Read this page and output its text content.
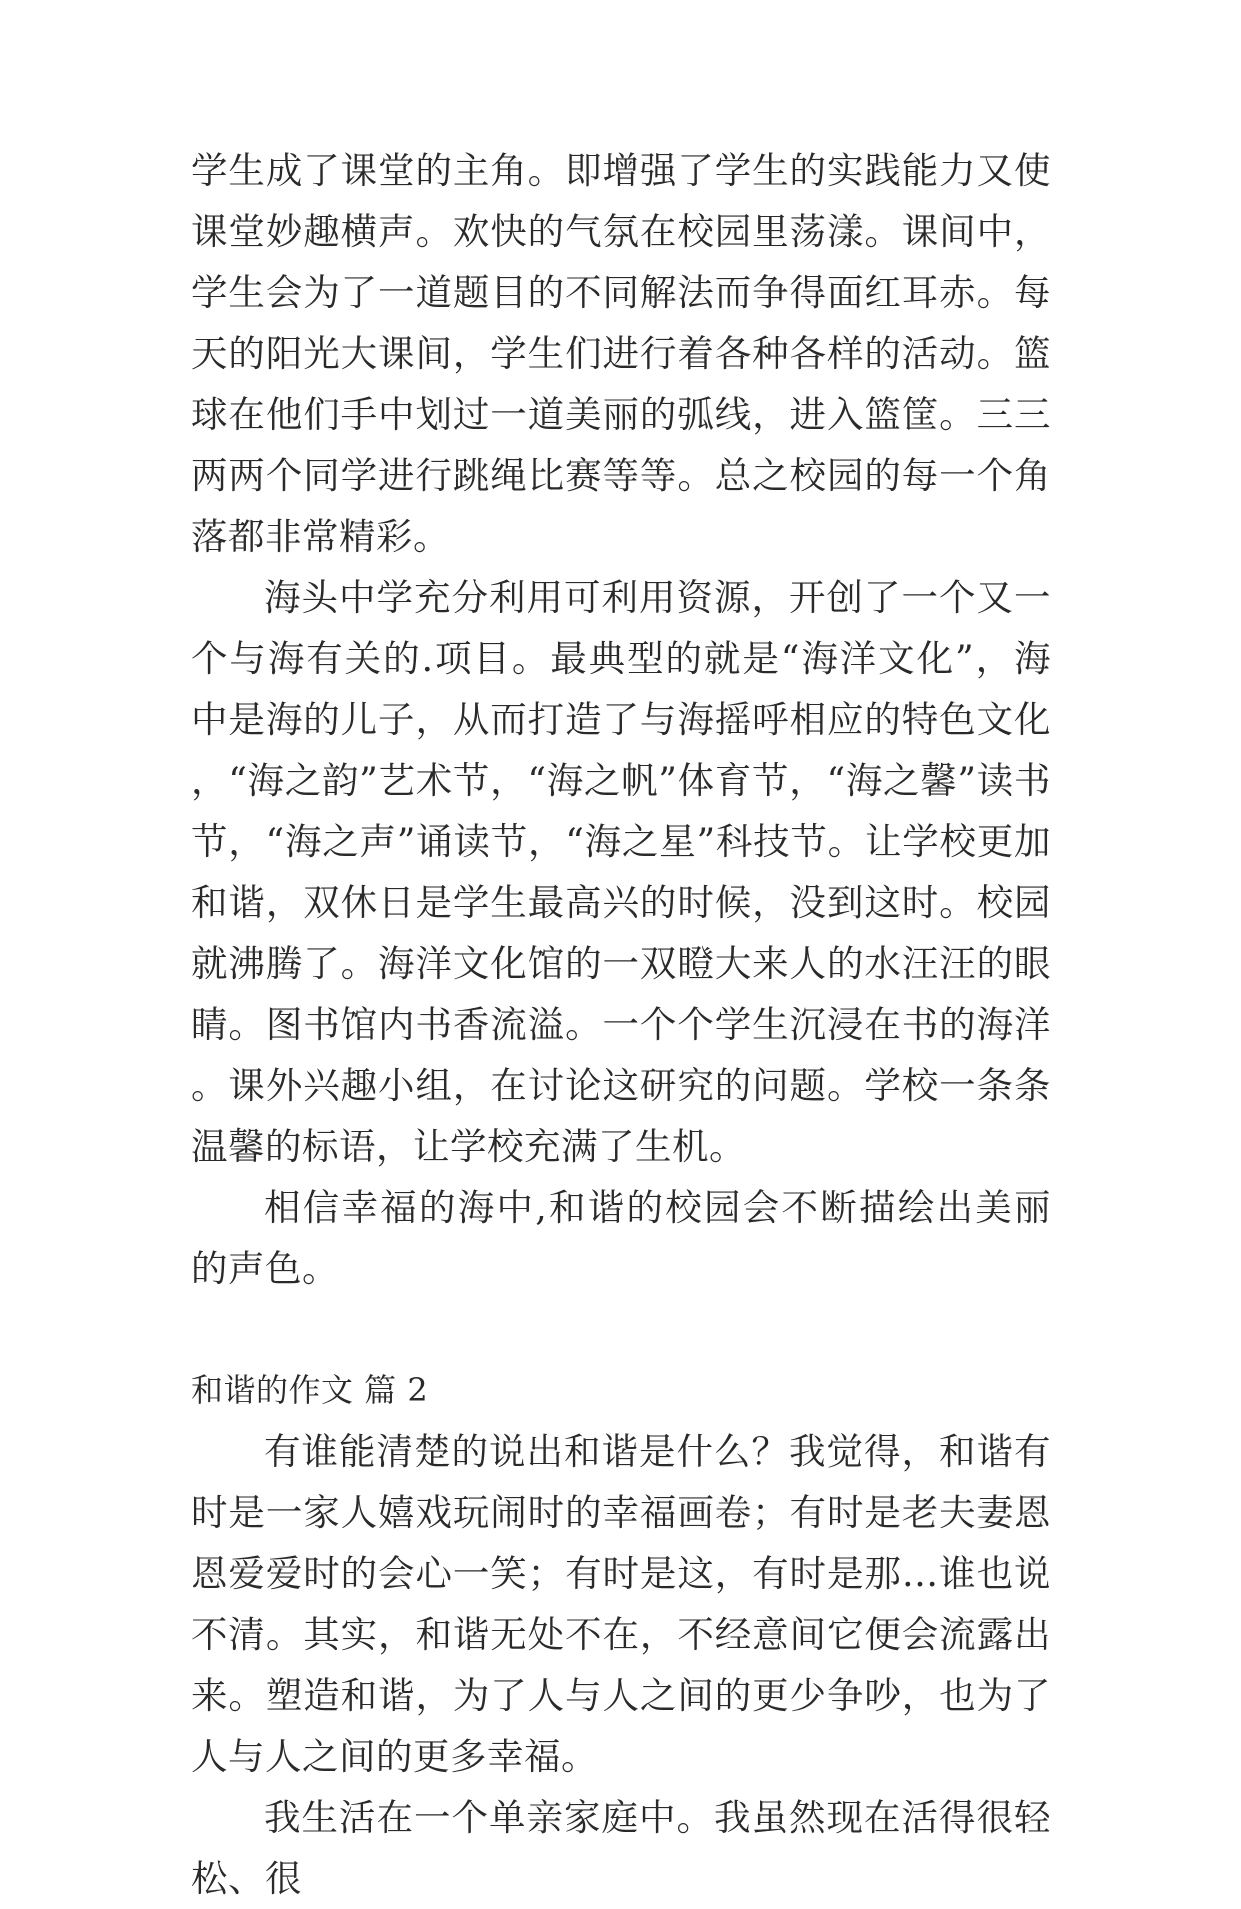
学生成了课堂的主角。即增强了学生的实践能力又使课堂妙趣横声。欢快的气氛在校园里荡漾。课间中，学生会为了一道题目的不同解法而争得面红耳赤。每天的阳光大课间，学生们进行着各种各样的活动。篮球在他们手中划过一道美丽的弧线，进入篮筐。三三两两个同学进行跳绳比赛等等。总之校园的每一个角落都非常精彩。

海头中学充分利用可利用资源，开创了一个又一个与海有关的.项目。最典型的就是“海洋文化”，海中是海的儿子，从而打造了与海摇呼相应的特色文化，“海之韵”艺术节，“海之帆”体育节，“海之馨”读书节，“海之声”诵读节，“海之星”科技节。让学校更加和谐，双休日是学生最高兴的时候，没到这时。校园就沸腾了。海洋文化馆的一双瞪大来人的水汪汪的眼睛。图书馆内书香流溢。一个个学生沉浸在书的海洋。课外兴趣小组，在讨论这研究的问题。学校一条条温馨的标语，让学校充满了生机。

相信幸福的海中,和谐的校园会不断描绘出美丽的声色。

和谐的作文 篇 2

有谁能清楚的说出和谐是什么？我觉得，和谐有时是一家人嬉戏玩闹时的幸福画卷；有时是老夫妻恩恩爱爱时的会心一笑；有时是这，有时是那…谁也说不清。其实，和谐无处不在，不经意间它便会流露出来。塑造和谐，为了人与人之间的更少争吵，也为了人与人之间的更多幸福。

我生活在一个单亲家庭中。我虽然现在活得很轻松、很
